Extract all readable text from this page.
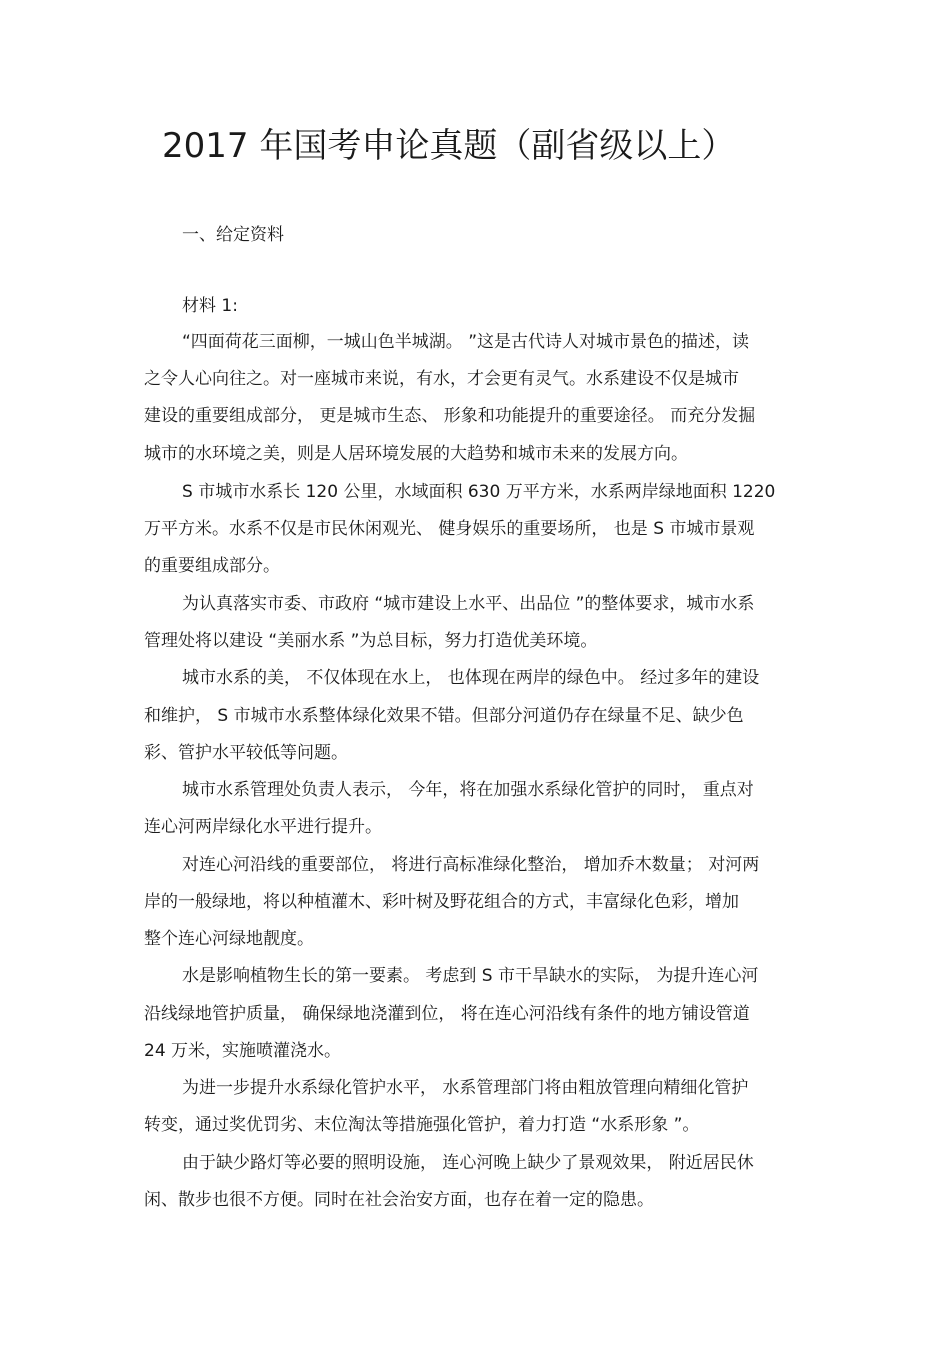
2017 年国考申论真题（副省级以上）

一、给定资料

材料 1:

“四面荷花三面柳，一城山色半城湖。 ”这是古代诗人对城市景色的描述，读

之令人心向往之。对一座城市来说，有水，才会更有灵气。水系建设不仅是城市

建设的重要组成部分， 更是城市生态、 形象和功能提升的重要途径。 而充分发掘

城市的水环境之美，则是人居环境发展的大趋势和城市未来的发展方向。

S 市城市水系长 120 公里，水域面积 630 万平方米，水系两岸绿地面积 1220

万平方米。水系不仅是市民休闲观光、 健身娱乐的重要场所， 也是 S 市城市景观

的重要组成部分。

为认真落实市委、市政府 “城市建设上水平、出品位 ”的整体要求，城市水系

管理处将以建设 “美丽水系 ”为总目标，努力打造优美环境。

城市水系的美， 不仅体现在水上， 也体现在两岸的绿色中。 经过多年的建设

和维护， S 市城市水系整体绿化效果不错。但部分河道仍存在绿量不足、缺少色

彩、管护水平较低等问题。

城市水系管理处负责人表示， 今年，将在加强水系绿化管护的同时， 重点对

连心河两岸绿化水平进行提升。

对连心河沿线的重要部位， 将进行高标准绿化整治， 增加乔木数量； 对河两

岸的一般绿地，将以种植灌木、彩叶树及野花组合的方式，丰富绿化色彩，增加

整个连心河绿地靓度。

水是影响植物生长的第一要素。 考虑到 S 市干旱缺水的实际， 为提升连心河

沿线绿地管护质量， 确保绿地浇灌到位， 将在连心河沿线有条件的地方铺设管道

24 万米，实施喷灌浇水。

为进一步提升水系绿化管护水平， 水系管理部门将由粗放管理向精细化管护

转变，通过奖优罚劣、末位淘汰等措施强化管护，着力打造 “水系形象 ”。

由于缺少路灯等必要的照明设施， 连心河晚上缺少了景观效果， 附近居民休

闲、散步也很不方便。同时在社会治安方面，也存在着一定的隐患。
